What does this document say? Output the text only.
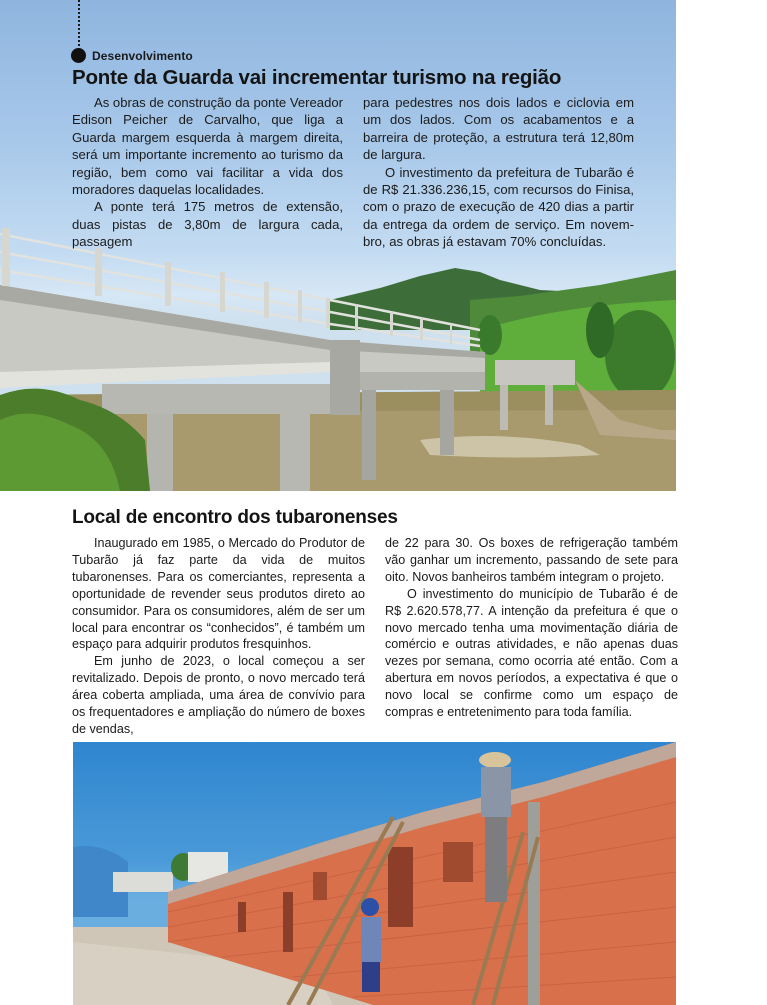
Desenvolvimento
Ponte da Guarda vai incrementar turismo na região

As obras de construção da ponte Vereador Edison Peicher de Carvalho, que liga a Guarda margem esquerda à margem direita, será um importante incremento ao turismo da região, bem como vai facilitar a vida dos moradores daquelas localidades.

A ponte terá 175 metros de extensão, duas pistas de 3,80m de largura cada, passagem

para pedestres nos dois lados e ciclovia em um dos lados. Com os acabamentos e a barreira de proteção, a estrutura terá 12,80m de largura.

O investimento da prefeitura de Tubarão é de R$ 21.336.236,15, com recursos do Finisa, com o prazo de execução de 420 dias a partir da entrega da ordem de serviço. Em novembro, as obras já estavam 70% concluídas.

Local de encontro dos tubaronenses

Inaugurado em 1985, o Mercado do Produtor de Tubarão já faz parte da vida de muitos tubaronenses. Para os comerciantes, representa a oportunidade de revender seus produtos direto ao consumidor. Para os consumidores, além de ser um local para encontrar os “conhecidos”, é também um espaço para adquirir produtos fresquinhos.

Em junho de 2023, o local começou a ser revitalizado. Depois de pronto, o novo mercado terá área coberta ampliada, uma área de convívio para os frequentadores e ampliação do número de boxes de vendas,

de 22 para 30. Os boxes de refrigeração também vão ganhar um incremento, passando de sete para oito. Novos banheiros também integram o projeto.

O investimento do município de Tubarão é de R$ 2.620.578,77. A intenção da prefeitura é que o novo mercado tenha uma movimentação diária de comércio e outras atividades, e não apenas duas vezes por semana, como ocorria até então. Com a abertura em novos períodos, a expectativa é que o novo local se confirme como um espaço de compras e entretenimento para toda família.
